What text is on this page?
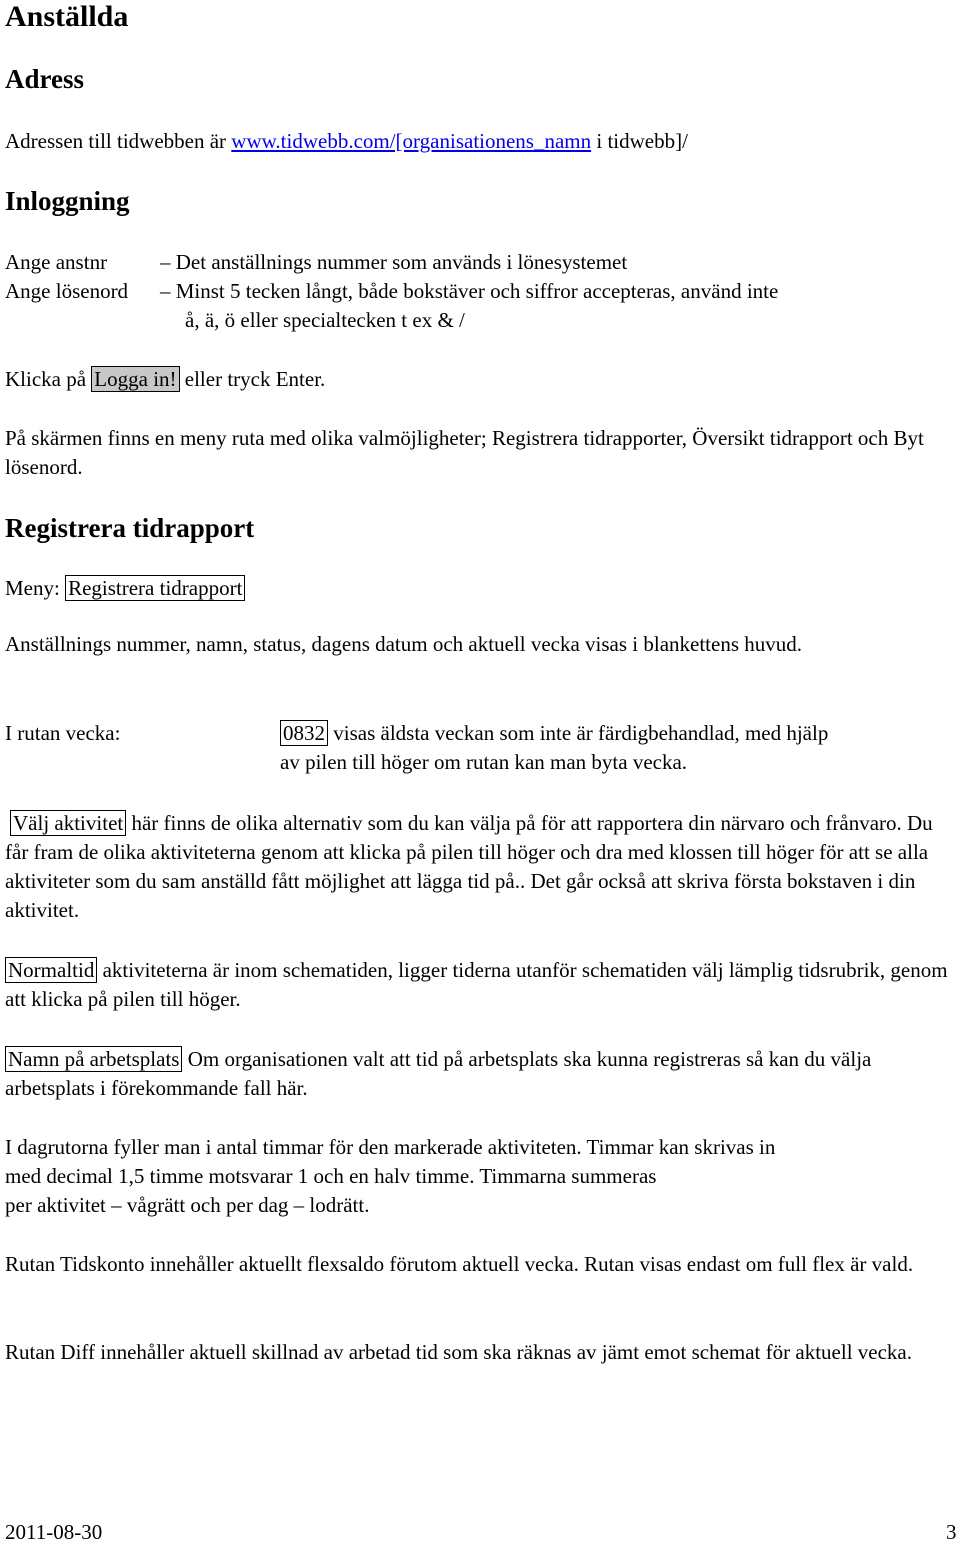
Anställda
Adress
Adressen till tidwebben är www.tidwebb.com/[organisationens_namn i tidwebb]/
Inloggning
Ange anstnr	– Det anställnings nummer som används i lönesystemet
Ange lösenord – Minst 5 tecken långt, både bokstäver och siffror accepteras, använd inte
å, ä, ö eller specialtecken t ex & /
Klicka på Logga in! eller tryck Enter.
På skärmen finns en meny ruta med olika valmöjligheter; Registrera tidrapporter, Översikt tidrapport och Byt lösenord.
Registrera tidrapport
Meny: Registrera tidrapport
Anställnings nummer, namn, status, dagens datum och aktuell vecka visas i blankettens huvud.
I rutan vecka:	0832 visas äldsta veckan som inte är färdigbehandlad, med hjälp
av pilen till höger om rutan kan man byta vecka.
Välj aktivitet här finns de olika alternativ som du kan välja på för att rapportera din närvaro och frånvaro. Du får fram de olika aktiviteterna genom att klicka på pilen till höger och dra med klossen till höger för att se alla aktiviteter som du sam anställd fått möjlighet att lägga tid på.. Det går också att skriva första bokstaven i din aktivitet.
Normaltid aktiviteterna är inom schematiden, ligger tiderna utanför schematiden välj lämplig tidsrubrik, genom att klicka på pilen till höger.
Namn på arbetsplats Om organisationen valt att tid på arbetsplats ska kunna registreras så kan du välja arbetsplats i förekommande fall här.
I dagrutorna fyller man i antal timmar för den markerade aktiviteten. Timmar kan skrivas in
med decimal 1,5 timme motsvarar 1 och en halv timme. Timmarna summeras
per aktivitet – vågrätt och per dag – lodrätt.
Rutan Tidskonto innehåller aktuellt flexsaldo förutom aktuell vecka. Rutan visas endast om full flex är vald.
Rutan Diff innehåller aktuell skillnad av arbetad tid som ska räknas av jämt emot schemat för aktuell vecka.
2011-08-30	3
